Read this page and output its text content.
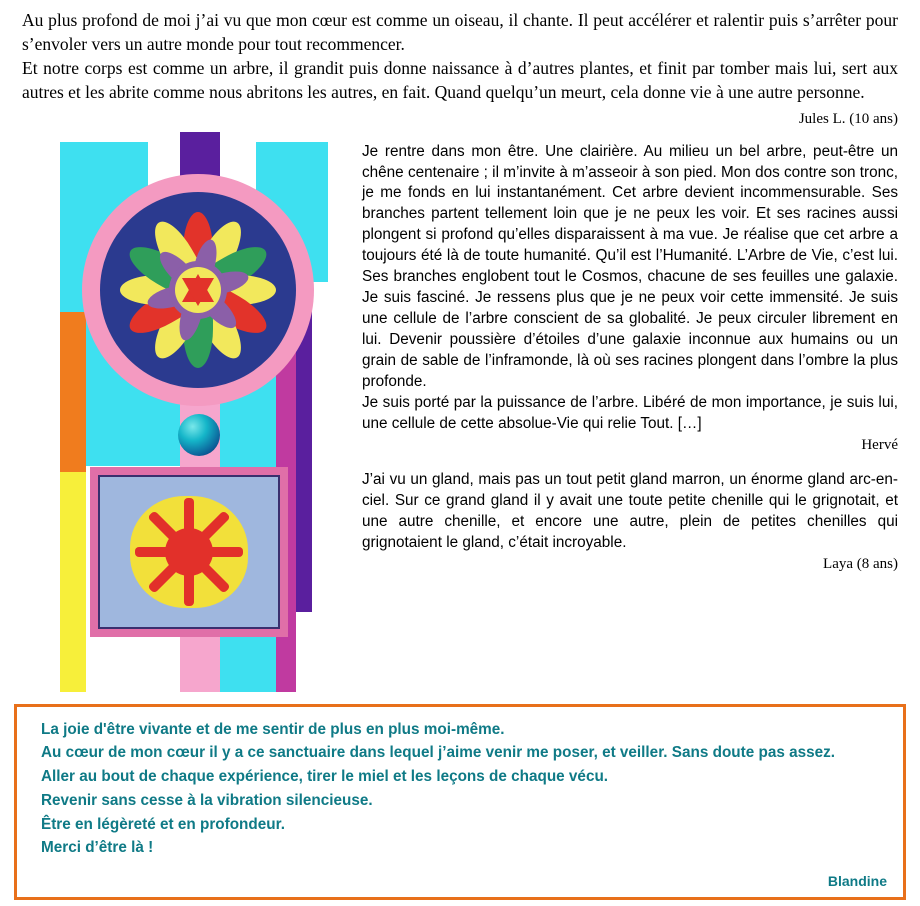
Au plus profond de moi j’ai vu que mon cœur est comme un oiseau, il chante. Il peut accélérer et ralentir puis s’arrêter pour s’envoler vers un autre monde pour tout recommencer.

Et notre corps est comme un arbre, il grandit puis donne naissance à d’autres plantes, et finit par tomber mais lui, sert aux autres et les abrite comme nous abritons les autres, en fait. Quand quelqu’un meurt, cela donne vie à une autre personne.

Jules L. (10 ans)

Je rentre dans mon être. Une clairière. Au milieu un bel arbre, peut-être un chêne centenaire ; il m’invite à m’asseoir à son pied. Mon dos contre son tronc, je me fonds en lui instantanément. Cet arbre devient incommensurable. Ses branches partent tellement loin que je ne peux les voir. Et ses racines aussi plongent si profond qu’elles disparaissent à ma vue. Je réalise que cet arbre a toujours été là de toute humanité. Qu’il est l’Humanité. L’Arbre de Vie, c’est lui. Ses branches englobent tout le Cosmos, chacune de ses feuilles une galaxie. Je suis fasciné. Je ressens plus que je ne peux voir cette immensité. Je suis une cellule de l’arbre conscient de sa globalité. Je peux circuler librement en lui. Devenir poussière d’étoiles d’une galaxie inconnue aux humains ou un grain de sable de l’inframonde, là où ses racines plongent dans l’ombre la plus profonde.

Je suis porté par la puissance de l’arbre. Libéré de mon importance, je suis lui, une cellule de cette absolue-Vie qui relie Tout. […]

Hervé

J’ai vu un gland, mais pas un tout petit gland marron, un énorme gland arc-en-ciel. Sur ce grand gland il y avait une toute petite chenille qui le grignotait, et une autre chenille, et encore une autre, plein de petites chenilles qui grignotaient le gland, c’était incroyable.

Laya (8 ans)

La joie d'être vivante et de me sentir de plus en plus moi-même.

Au cœur de mon cœur il y a ce sanctuaire dans lequel j’aime venir me poser, et veiller. Sans doute pas assez.

Aller au bout de chaque expérience, tirer le miel et les leçons de chaque vécu.

Revenir sans cesse à la vibration silencieuse.

Être en légèreté et en profondeur.

Merci d’être là !

Blandine
